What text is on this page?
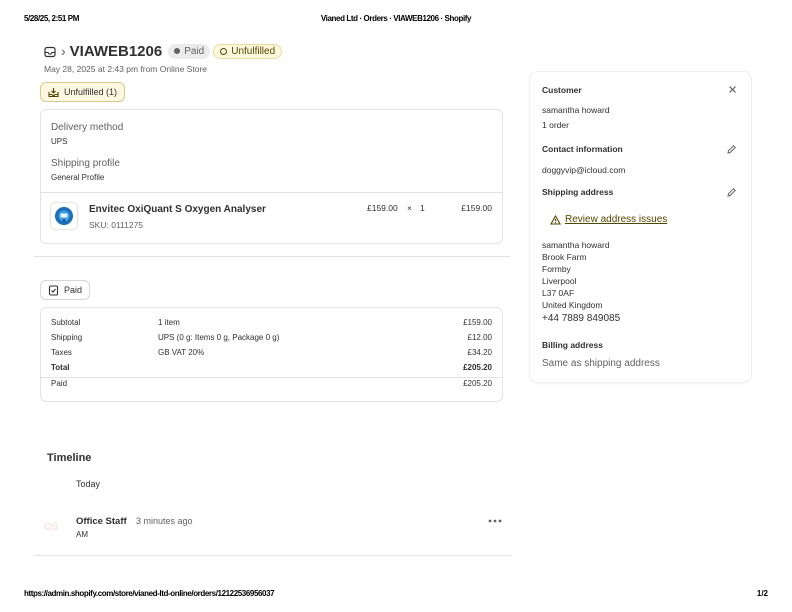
5/28/25, 2:51 PM	Vianed Ltd · Orders · VIAWEB1206 · Shopify
› VIAWEB1206 Paid	Unfulfilled
May 28, 2025 at 2:43 pm from Online Store
Unfulfilled (1)
Delivery method
UPS
Shipping profile
General Profile
Envitec OxiQuant S Oxygen Analyser
SKU: 0111275
£159.00 × 1	£159.00
Paid
Subtotal	1 item	£159.00
Shipping	UPS (0 g: Items 0 g, Package 0 g)	£12.00
Taxes	GB VAT 20%	£34.20
Total	£205.20
Paid	£205.20
Customer
samantha howard
1 order
Contact information
doggyvip@icloud.com
Shipping address
Review address issues
samantha howard
Brook Farm
Formby
Liverpool
L37 0AF
United Kingdom
+44 7889 849085
Billing address
Same as shipping address
Timeline
Today
OS
Office Staff 3 minutes ago
AM
https://admin.shopify.com/store/vianed-ltd-online/orders/12122536956037	1/2
